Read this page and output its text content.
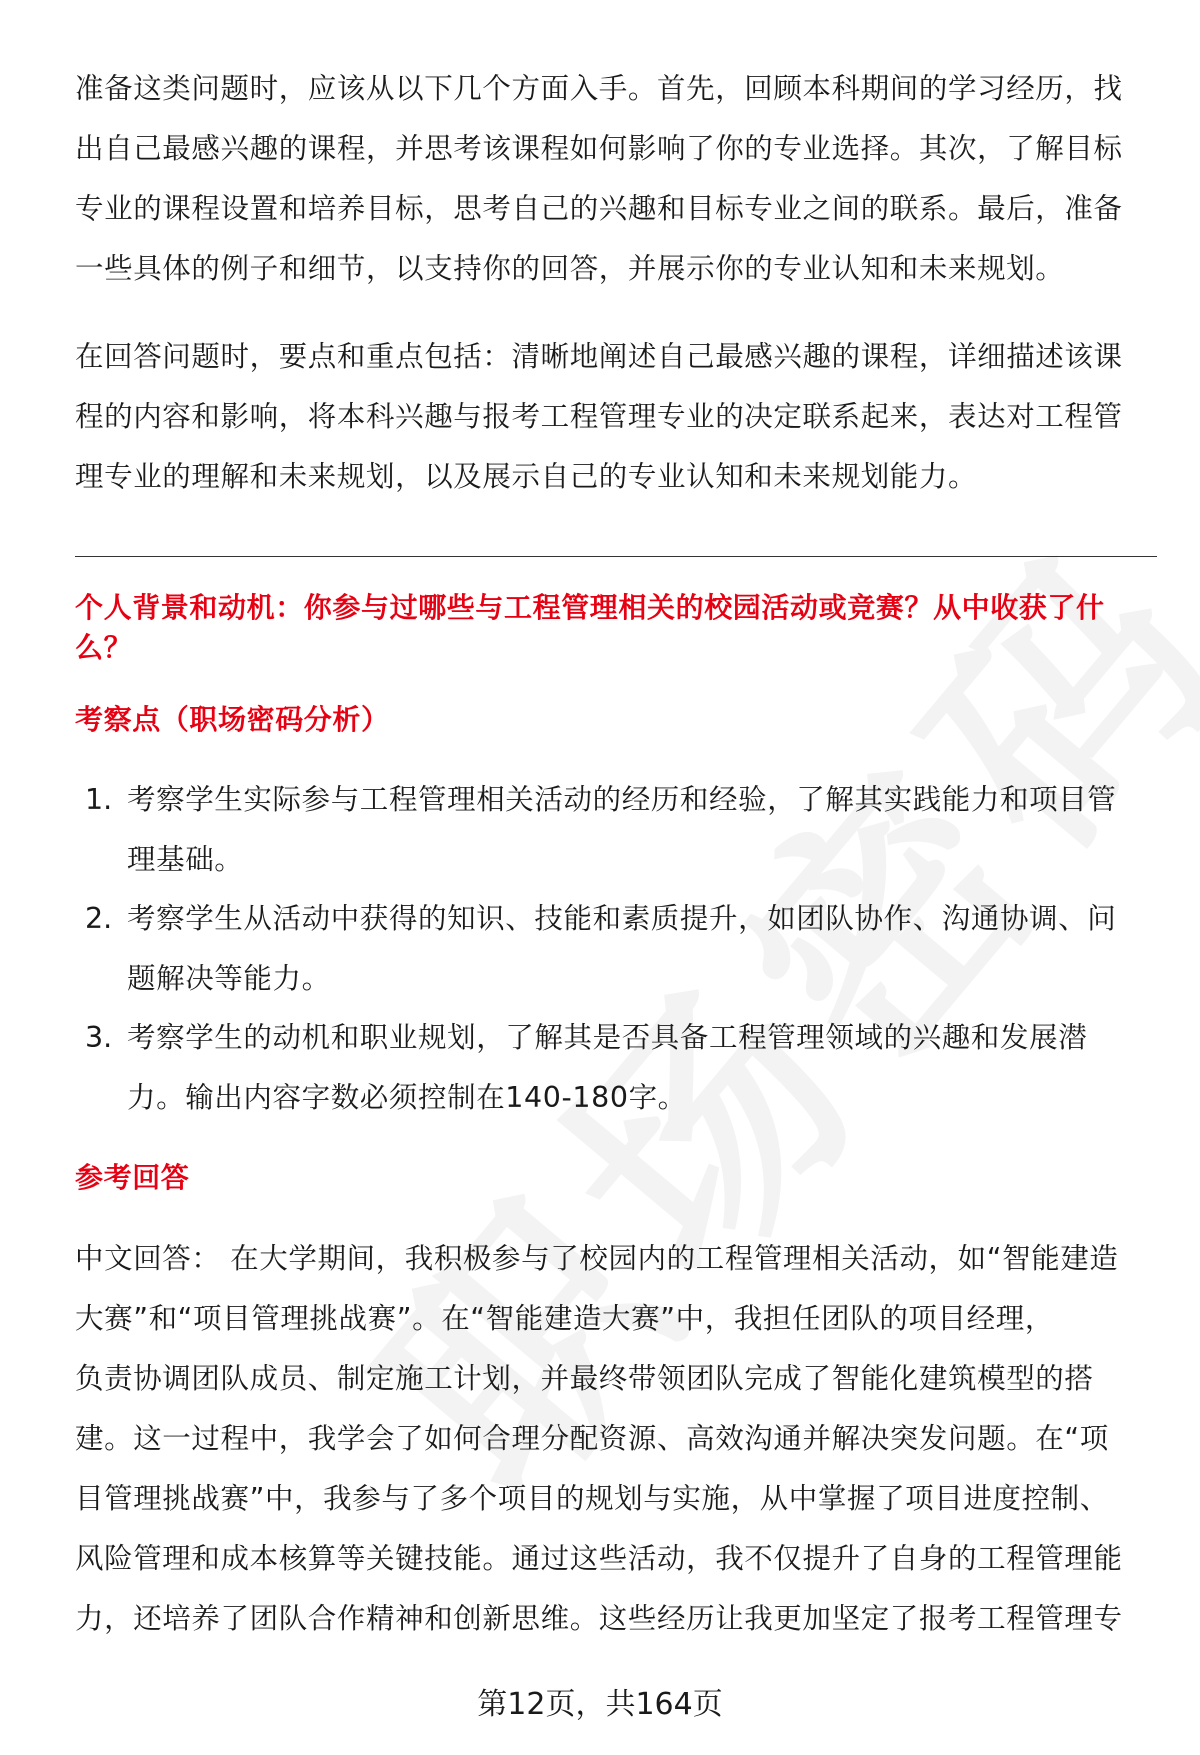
准备这类问题时，应该从以下几个方面入手。首先，回顾本科期间的学习经历，找
出自己最感兴趣的课程，并思考该课程如何影响了你的专业选择。其次，了解目标
专业的课程设置和培养目标，思考自己的兴趣和目标专业之间的联系。最后，准备
一些具体的例子和细节，以支持你的回答，并展示你的专业认知和未来规划。
在回答问题时，要点和重点包括：清晰地阐述自己最感兴趣的课程，详细描述该课
程的内容和影响，将本科兴趣与报考工程管理专业的决定联系起来，表达对工程管
理专业的理解和未来规划，以及展示自己的专业认知和未来规划能力。
个人背景和动机：你参与过哪些与工程管理相关的校园活动或竞赛？从中收获了什
么？
考察点（职场密码分析）
1. 考察学生实际参与工程管理相关活动的经历和经验，了解其实践能力和项目管
理基础。
2. 考察学生从活动中获得的知识、技能和素质提升，如团队协作、沟通协调、问
题解决等能力。
3. 考察学生的动机和职业规划，了解其是否具备工程管理领域的兴趣和发展潜
力。输出内容字数必须控制在140-180字。
参考回答
中文回答： 在大学期间，我积极参与了校园内的工程管理相关活动，如“智能建造
大赛”和“项目管理挑战赛”。在“智能建造大赛”中，我担任团队的项目经理，
负责协调团队成员、制定施工计划，并最终带领团队完成了智能化建筑模型的搭
建。这一过程中，我学会了如何合理分配资源、高效沟通并解决突发问题。在“项
目管理挑战赛”中，我参与了多个项目的规划与实施，从中掌握了项目进度控制、
风险管理和成本核算等关键技能。通过这些活动，我不仅提升了自身的工程管理能
力，还培养了团队合作精神和创新思维。这些经历让我更加坚定了报考工程管理专
第12页，共164页
